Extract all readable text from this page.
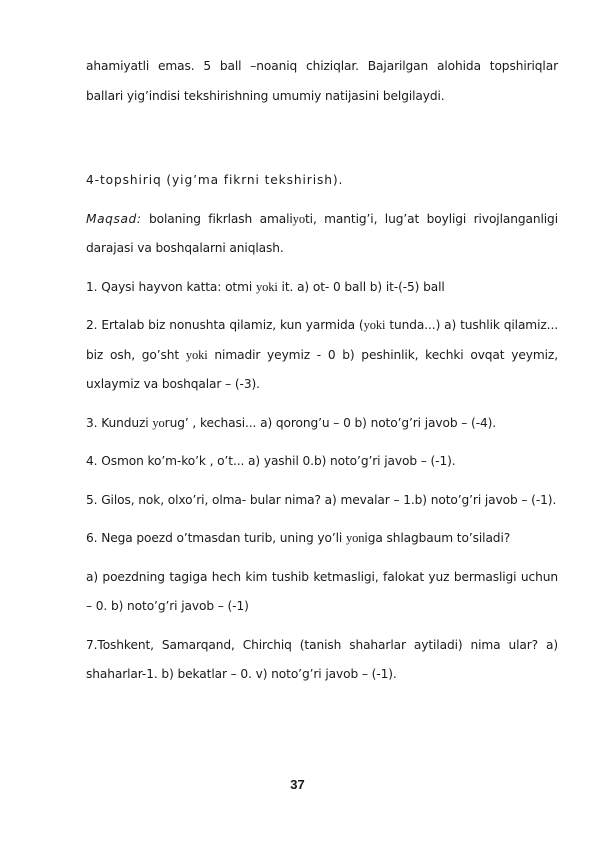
ahamiyatli emas. 5 ball –noaniq chiziqlar. Bajarilgan alohida topshiriqlar ballari yig’indisi tekshirishning umumiy natijasini belgilaydi.

4-topshiriq (yig’ma fikrni tekshirish).

Maqsad: bolaning fikrlash amaliyoti, mantig’i, lug’at boyligi rivojlanganligi darajasi va boshqalarni aniqlash.

1. Qaysi hayvon katta: otmi yoki it. a) ot- 0 ball b) it-(-5) ball

2. Ertalab biz nonushta qilamiz, kun yarmida (yoki tunda...) a) tushlik qilamiz... biz osh, go’sht yoki nimadir yeymiz - 0 b) peshinlik, kechki ovqat yeymiz, uxlaymiz va boshqalar – (-3).

3. Kunduzi yorug’ , kechasi... a) qorong’u – 0 b) noto’g’ri javob – (-4).

4. Osmon ko’m-ko’k , o’t... a) yashil 0.b) noto’g’ri javob – (-1).

5. Gilos, nok, olxo’ri, olma- bular nima? a) mevalar – 1.b) noto’g’ri javob – (-1).

6. Nega poezd o’tmasdan turib, uning yo’li yoniga shlagbaum to’siladi?

a) poezdning tagiga hech kim tushib ketmasligi, falokat yuz bermasligi uchun – 0. b) noto’g’ri javob – (-1)

7.Toshkent, Samarqand, Chirchiq (tanish shaharlar aytiladi) nima ular? a) shaharlar-1. b) bekatlar – 0. v) noto’g’ri javob – (-1).

37
